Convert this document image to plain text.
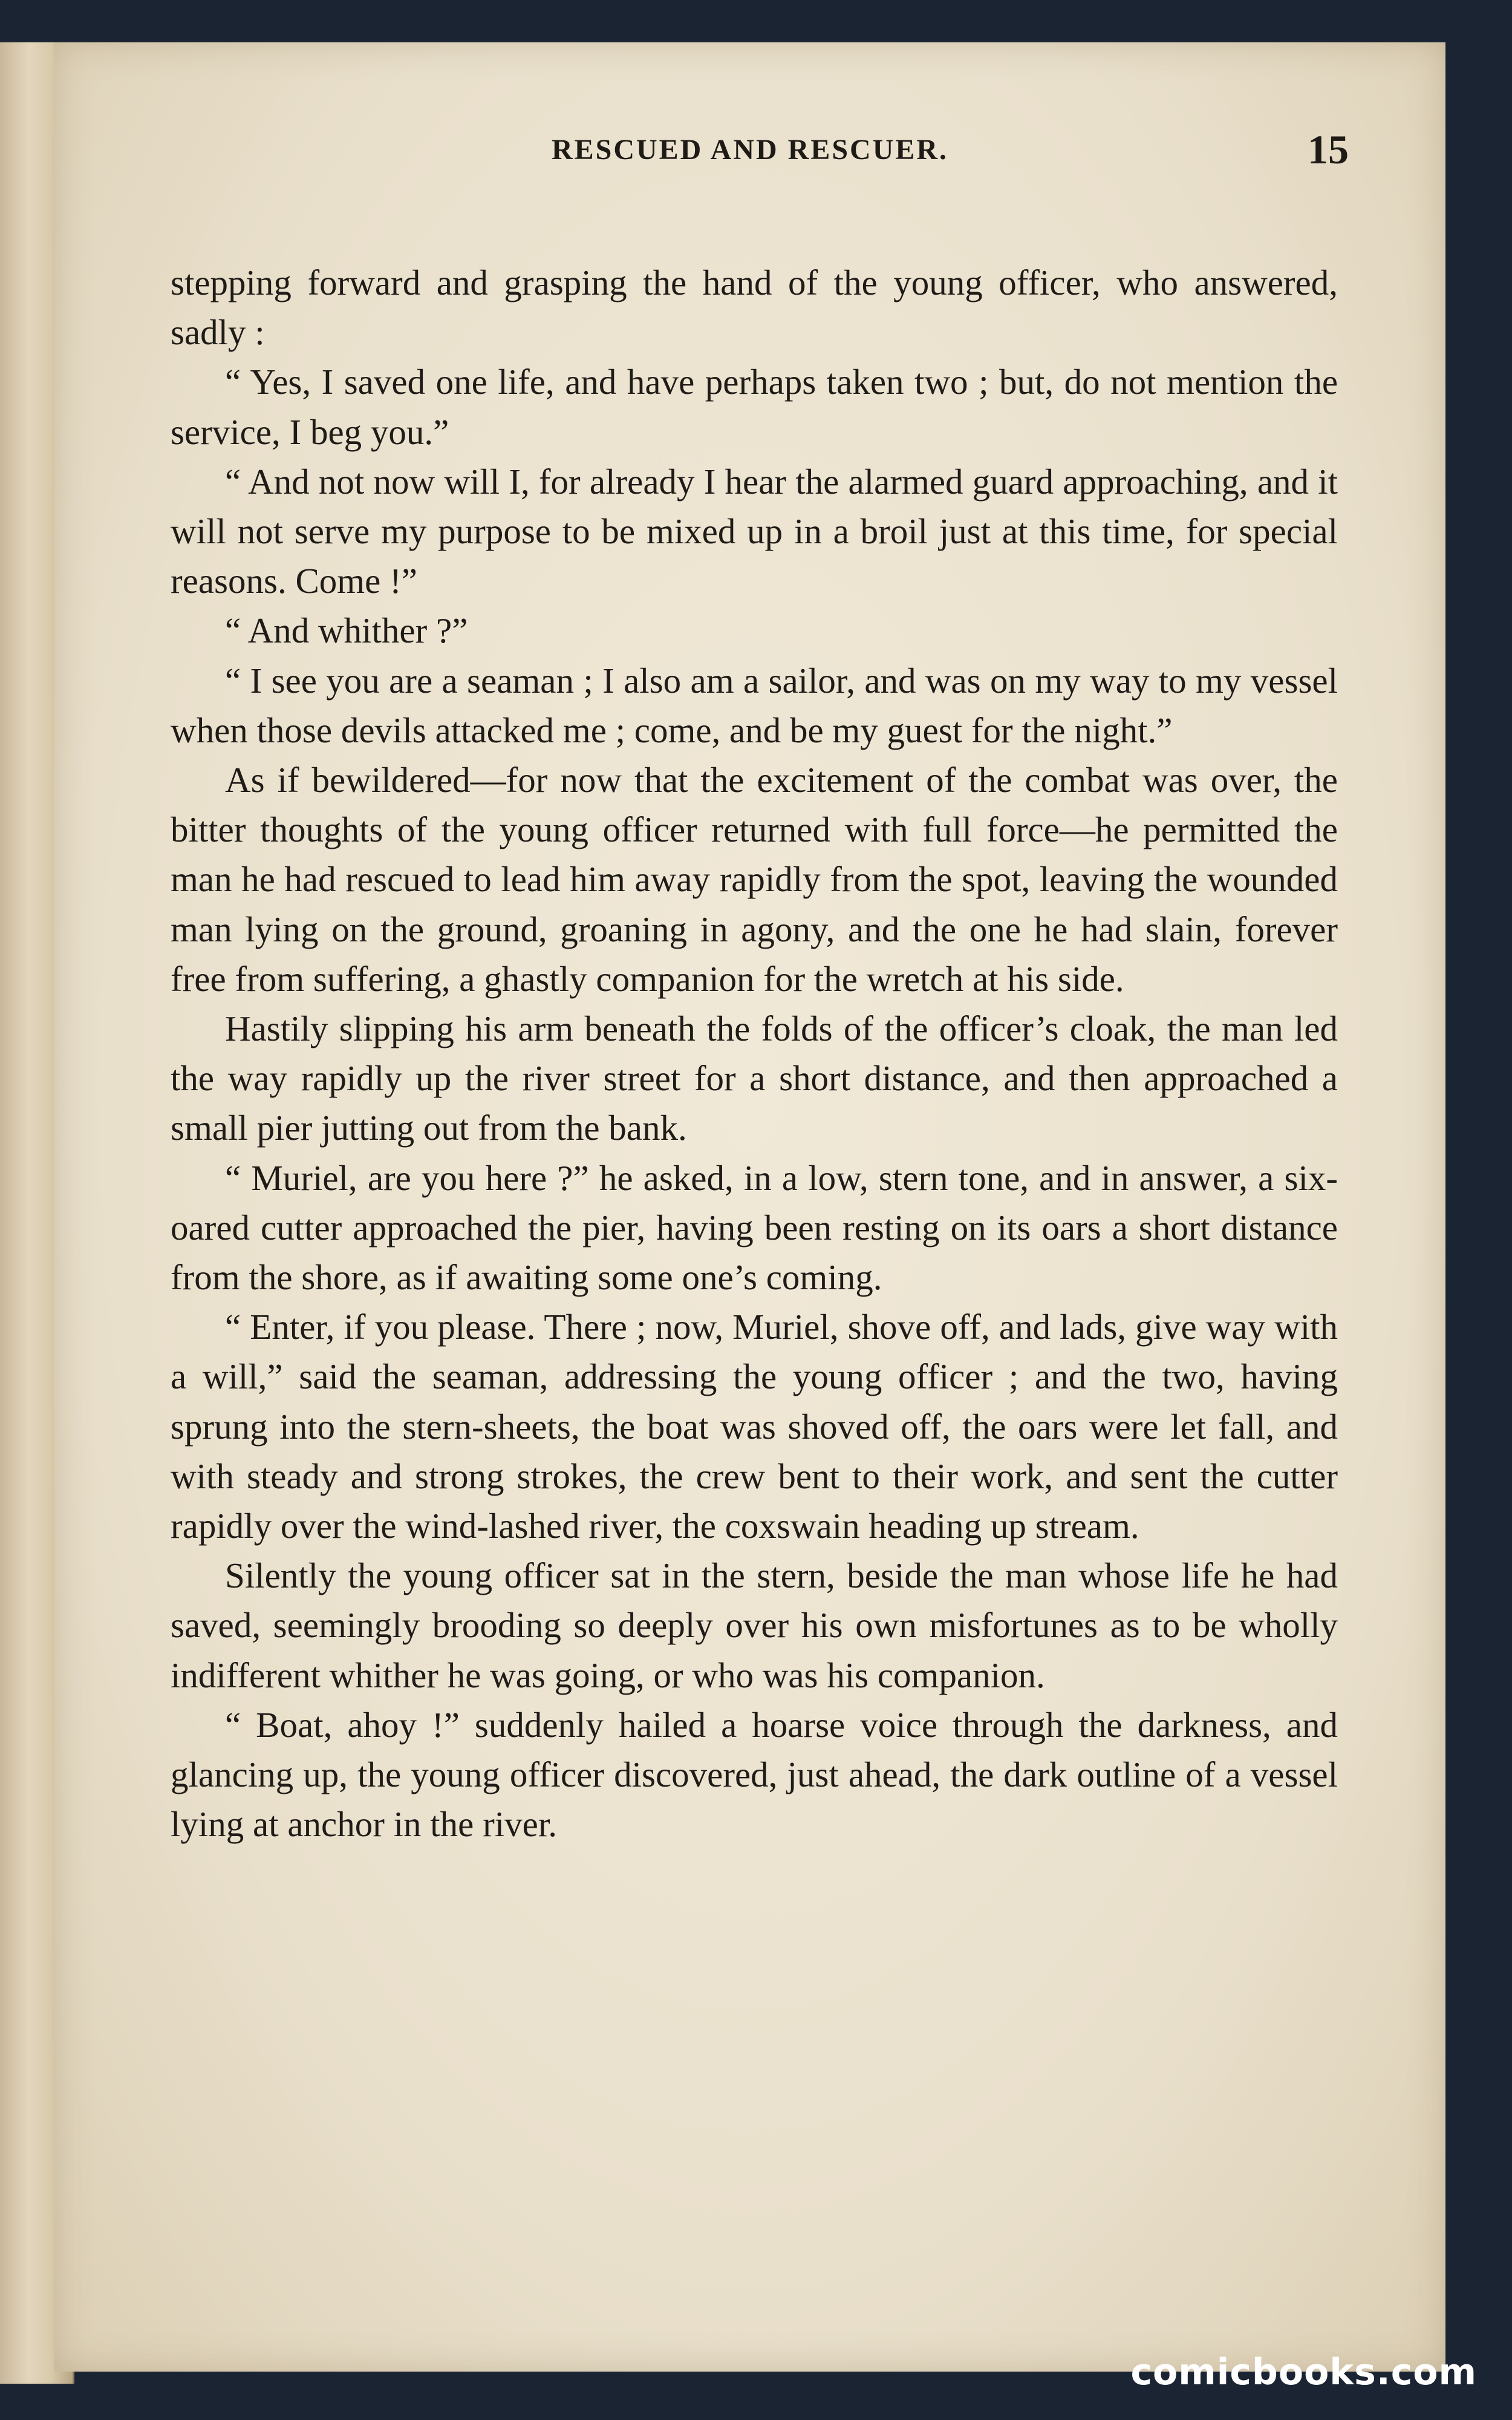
RESCUED AND RESCUER.	15

stepping forward and grasping the hand of the young officer, who answered, sadly :

“ Yes, I saved one life, and have perhaps taken two ; but, do not mention the service, I beg you.”

“ And not now will I, for already I hear the alarmed guard approaching, and it will not serve my purpose to be mixed up in a broil just at this time, for special reasons. Come !”

“ And whither ?”

“ I see you are a seaman ; I also am a sailor, and was on my way to my vessel when those devils attacked me ; come, and be my guest for the night.”

As if bewildered—for now that the excitement of the combat was over, the bitter thoughts of the young officer returned with full force—he permitted the man he had rescued to lead him away rapidly from the spot, leaving the wounded man lying on the ground, groaning in agony, and the one he had slain, forever free from suffering, a ghastly companion for the wretch at his side.

Hastily slipping his arm beneath the folds of the officer’s cloak, the man led the way rapidly up the river street for a short distance, and then approached a small pier jutting out from the bank.

“ Muriel, are you here ?” he asked, in a low, stern tone, and in answer, a six-oared cutter approached the pier, having been resting on its oars a short distance from the shore, as if awaiting some one’s coming.

“ Enter, if you please. There ; now, Muriel, shove off, and lads, give way with a will,” said the seaman, addressing the young officer ; and the two, having sprung into the stern-sheets, the boat was shoved off, the oars were let fall, and with steady and strong strokes, the crew bent to their work, and sent the cutter rapidly over the wind-lashed river, the coxswain heading up stream.

Silently the young officer sat in the stern, beside the man whose life he had saved, seemingly brooding so deeply over his own misfortunes as to be wholly indifferent whither he was going, or who was his companion.

“ Boat, ahoy !” suddenly hailed a hoarse voice through the darkness, and glancing up, the young officer discovered, just ahead, the dark outline of a vessel lying at anchor in the river.

comicbooks.com
